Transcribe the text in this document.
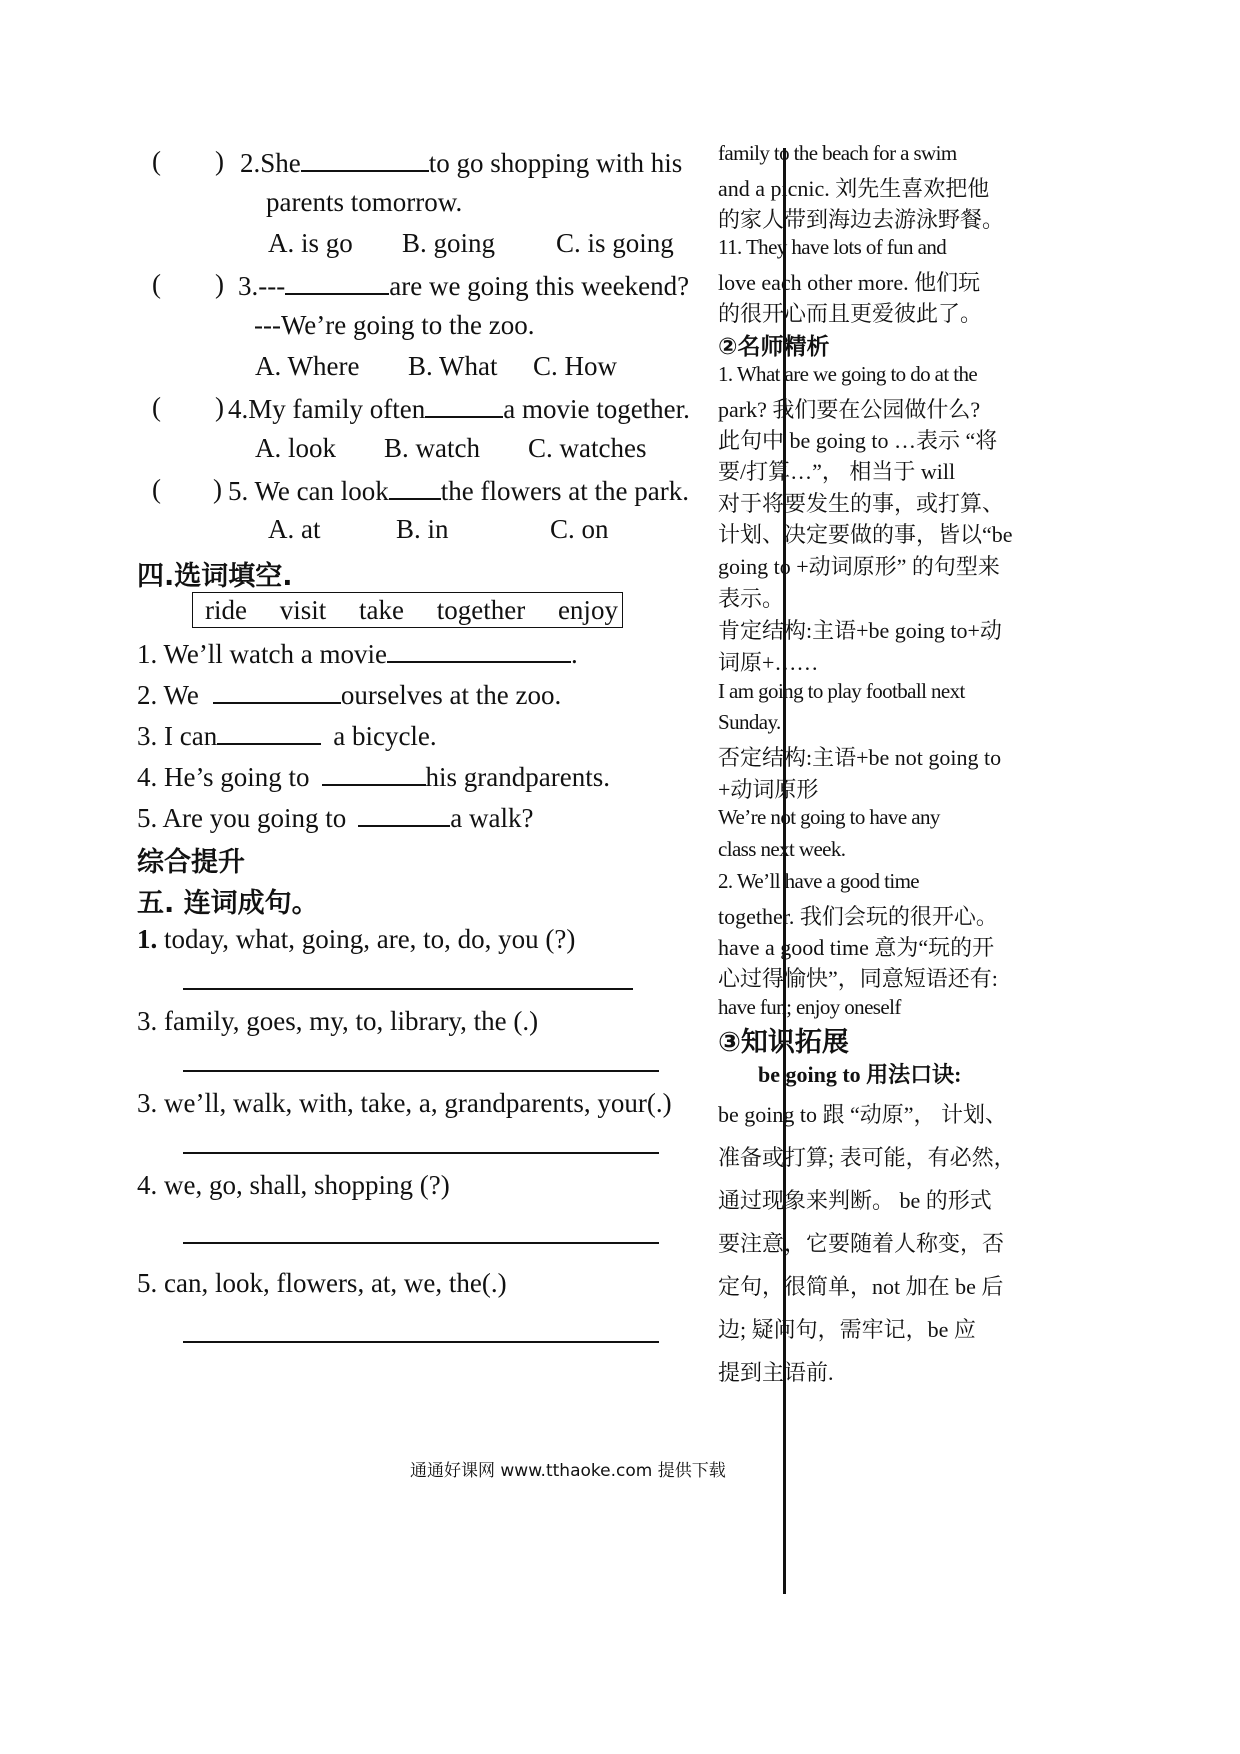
( ) 2.She	to go shopping with his
parents tomorrow.
A. is go B. going C. is going
( ) 3.---	are we going this weekend?
---We’re going to the zoo.
A. Where B. What C. How
( ) 4.My family often	a movie together.
A. look B. watch C. watches
( ) 5. We can look the flowers at the park.
A. at	B. in	C. on
四.选词填空.
ride visit take together enjoy
1. We’ll watch a movie	.
2. We	ourselves at the zoo.
3. I can	a bicycle.
4. He’s going to	his grandparents.
5. Are you going to	a walk?
综合提升
五. 连词成句。
1. today, what, going, are, to, do, you (?)
3. family, goes, my, to, library, the (.)
3. we’ll, walk, with, take, a, grandparents, your(.)
4. we, go, shall, shopping (?)
5. can, look, flowers, at, we, the(.)
family to the beach for a swim
and a picnic. 刘先生喜欢把他
的家人带到海边去游泳野餐。
11. They have lots of fun and
love each other more. 他们玩
的很开心而且更爱彼此了。
②名师精析
1. What are we going to do at the
park? 我们要在公园做什么?
此句中 be going to …表示 “将
要/打算…”， 相当于 will
对于将要发生的事，或打算、
计划、决定要做的事，皆以“be
going to +动词原形” 的句型来
表示。
肯定结构:主语+be going to+动
词原+……
I am going to play football next
Sunday.
否定结构:主语+be not going to
+动词原形
We’re not going to have any
class next week.
2. We’ll have a good time
together. 我们会玩的很开心。
have a good time 意为“玩的开
心过得愉快”，同意短语还有:
have fun; enjoy oneself
③知识拓展
be going to 用法口诀:
be going to 跟 “动原”， 计划、
准备或打算; 表可能，有必然，
通过现象来判断。 be 的形式
要注意，它要随着人称变，否
定句，很简单，not 加在 be 后
边; 疑问句，需牢记，be 应
提到主语前.
通通好课网 www.tthaoke.com 提供下载
